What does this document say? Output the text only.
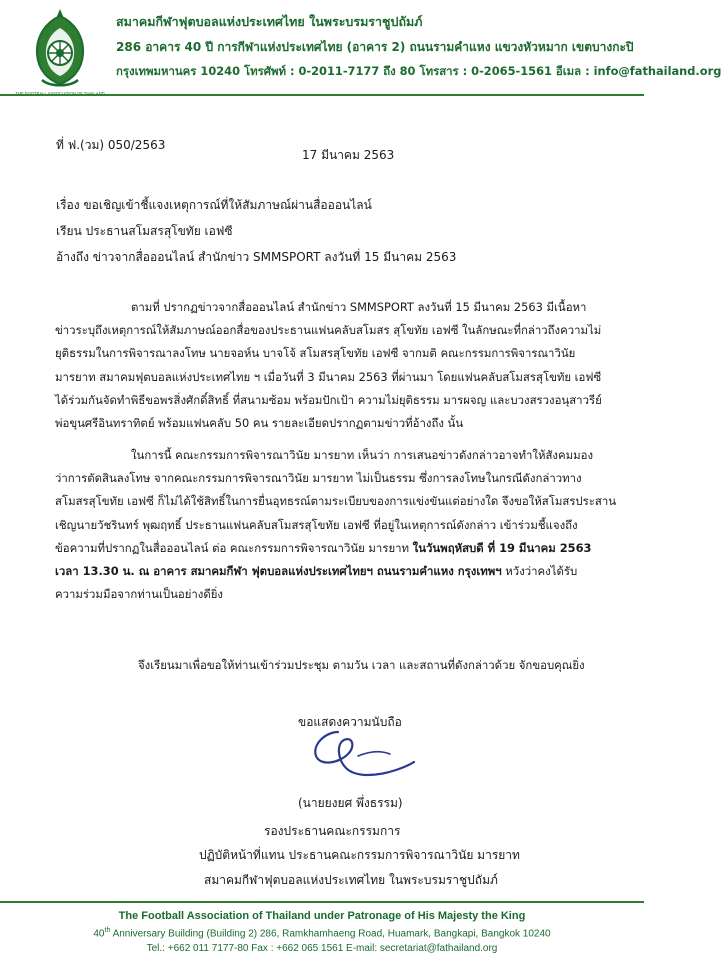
สมาคมกีฬาฟุตบอลแห่งประเทศไทย ในพระบรมราชูปถัมภ์
286 อาคาร 40 ปี การกีฬาแห่งประเทศไทย (อาคาร 2) ถนนรามคำแหง แขวงหัวหมาก เขตบางกะปิ
กรุงเทพมหานคร 10240 โทรศัพท์ : 0-2011-7177 ถึง 80 โทรสาร : 0-2065-1561 อีเมล : info@fathailand.org
ที่ ฟ.(วม) 050/2563
17 มีนาคม 2563
เรื่อง ขอเชิญเข้าชี้แจงเหตุการณ์ที่ให้สัมภาษณ์ผ่านสื่อออนไลน์
เรียน ประธานสโมสรสุโขทัย เอฟซี
อ้างถึง ข่าวจากสื่อออนไลน์ สำนักข่าว SMMSPORT ลงวันที่ 15 มีนาคม 2563

ตามที่ ปรากฏข่าวจากสื่อออนไลน์ สำนักข่าว SMMSPORT ลงวันที่ 15 มีนาคม 2563 มีเนื้อหา

ข่าวระบุถึงเหตุการณ์ให้สัมภาษณ์ออกสื่อของประธานแฟนคลับสโมสร สุโขทัย เอฟซี ในลักษณะที่กล่าวถึงความไม่

ยุติธรรมในการพิจารณาลงโทษ นายจอห์น บาจโจ้ สโมสรสุโขทัย เอฟซี จากมติ คณะกรรมการพิจารณาวินัย

มารยาท สมาคมฟุตบอลแห่งประเทศไทย ฯ เมื่อวันที่ 3 มีนาคม 2563 ที่ผ่านมา โดยแฟนคลับสโมสรสุโขทัย เอฟซี

ได้ร่วมกันจัดทำพิธีขอพรสิ่งศักดิ์สิทธิ์ ที่สนามซ้อม พร้อมปักเป้า ความไม่ยุติธรรม มารผจญ และบวงสรวงอนุสาวรีย์

พ่อขุนศรีอินทราทิตย์ พร้อมแฟนคลับ 50 คน รายละเอียดปรากฏตามข่าวที่อ้างถึง นั้น

ในการนี้ คณะกรรมการพิจารณาวินัย มารยาท เห็นว่า การเสนอข่าวดังกล่าวอาจทำให้สังคมมอง

ว่าการตัดสินลงโทษ จากคณะกรรมการพิจารณาวินัย มารยาท ไม่เป็นธรรม ซึ่งการลงโทษในกรณีดังกล่าวทาง

สโมสรสุโขทัย เอฟซี ก็ไม่ได้ใช้สิทธิ์ในการยื่นอุทธรณ์ตามระเบียบของการแข่งขันแต่อย่างใด จึงขอให้สโมสรประสาน

เชิญนายวัชรินทร์ พุฒฤทธิ์ ประธานแฟนคลับสโมสรสุโขทัย เอฟซี ที่อยู่ในเหตุการณ์ดังกล่าว เข้าร่วมชี้แจงถึง

ข้อความที่ปรากฏในสื่อออนไลน์ ต่อ คณะกรรมการพิจารณาวินัย มารยาท ในวันพฤหัสบดี ที่ 19 มีนาคม 2563

เวลา 13.30 น. ณ อาคาร สมาคมกีฬา ฟุตบอลแห่งประเทศไทยฯ ถนนรามคำแหง กรุงเทพฯ หวังว่าคงได้รับ

ความร่วมมือจากท่านเป็นอย่างดียิ่ง

จึงเรียนมาเพื่อขอให้ท่านเข้าร่วมประชุม ตามวัน เวลา และสถานที่ดังกล่าวด้วย จักขอบคุณยิ่ง
ขอแสดงความนับถือ
(นายยงยศ พึ่งธรรม)
รองประธานคณะกรรมการ
ปฏิบัติหน้าที่แทน ประธานคณะกรรมการพิจารณาวินัย มารยาท
สมาคมกีฬาฟุตบอลแห่งประเทศไทย ในพระบรมราชูปถัมภ์
The Football Association of Thailand under Patronage of His Majesty the King
40th Anniversary Building (Building 2) 286, Ramkhamhaeng Road, Huamark, Bangkapi, Bangkok 10240
Tel.: +662 011 7177-80 Fax : +662 065 1561 E-mail: secretariat@fathailand.org
